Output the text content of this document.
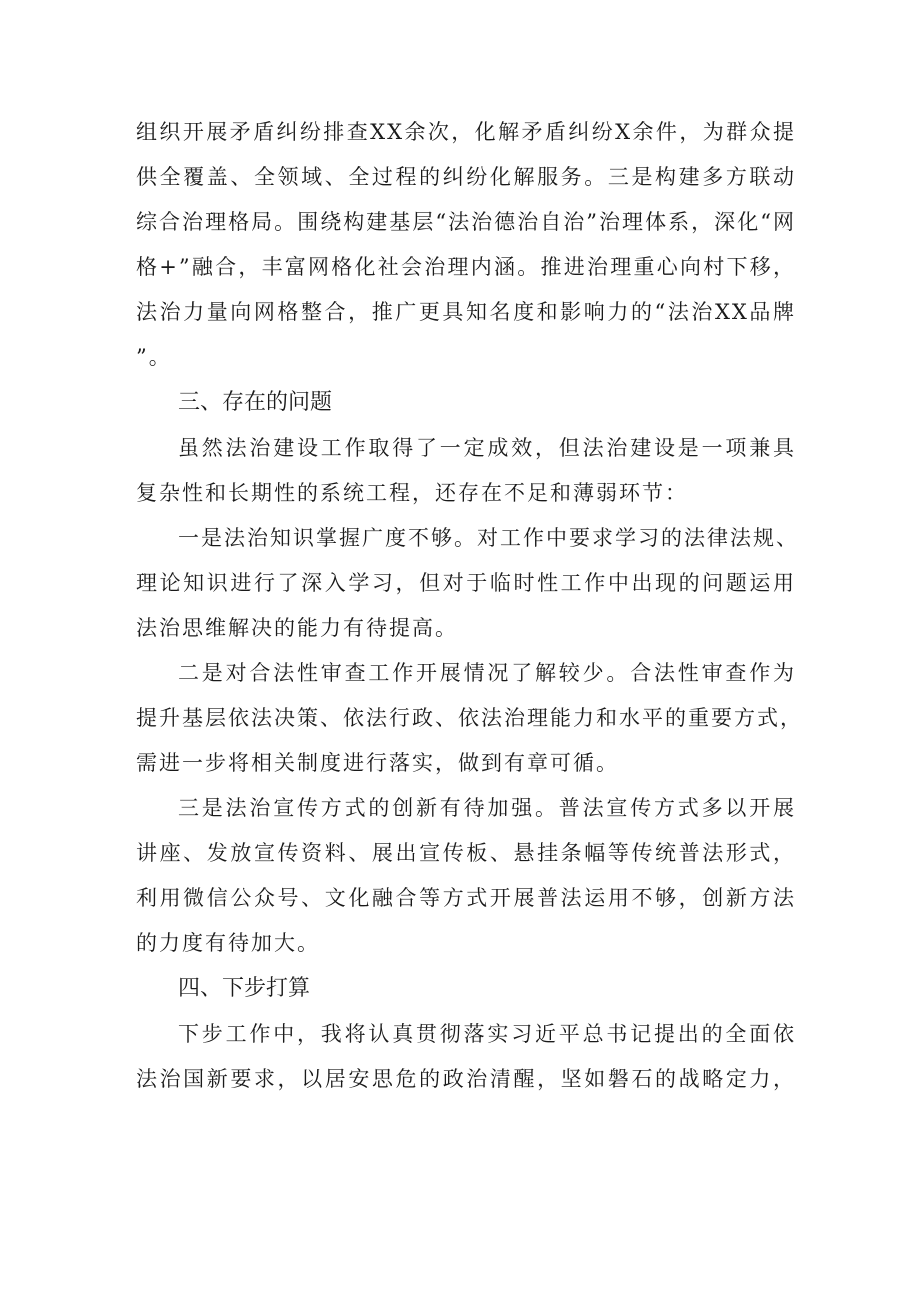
组织开展矛盾纠纷排查XX余次，化解矛盾纠纷X余件，为群众提
供全覆盖、全领域、全过程的纠纷化解服务。三是构建多方联动
综合治理格局。围绕构建基层“法治德治自治”治理体系，深化“网
格+”融合，丰富网格化社会治理内涵。推进治理重心向村下移，
法治力量向网格整合，推广更具知名度和影响力的“法治XX品牌
”。
三、存在的问题
虽然法治建设工作取得了一定成效，但法治建设是一项兼具
复杂性和长期性的系统工程，还存在不足和薄弱环节：
一是法治知识掌握广度不够。对工作中要求学习的法律法规、
理论知识进行了深入学习，但对于临时性工作中出现的问题运用
法治思维解决的能力有待提高。
二是对合法性审查工作开展情况了解较少。合法性审查作为
提升基层依法决策、依法行政、依法治理能力和水平的重要方式，
需进一步将相关制度进行落实，做到有章可循。
三是法治宣传方式的创新有待加强。普法宣传方式多以开展
讲座、发放宣传资料、展出宣传板、悬挂条幅等传统普法形式，
利用微信公众号、文化融合等方式开展普法运用不够，创新方法
的力度有待加大。
四、下步打算
下步工作中，我将认真贯彻落实习近平总书记提出的全面依
法治国新要求，以居安思危的政治清醒，坚如磐石的战略定力，
